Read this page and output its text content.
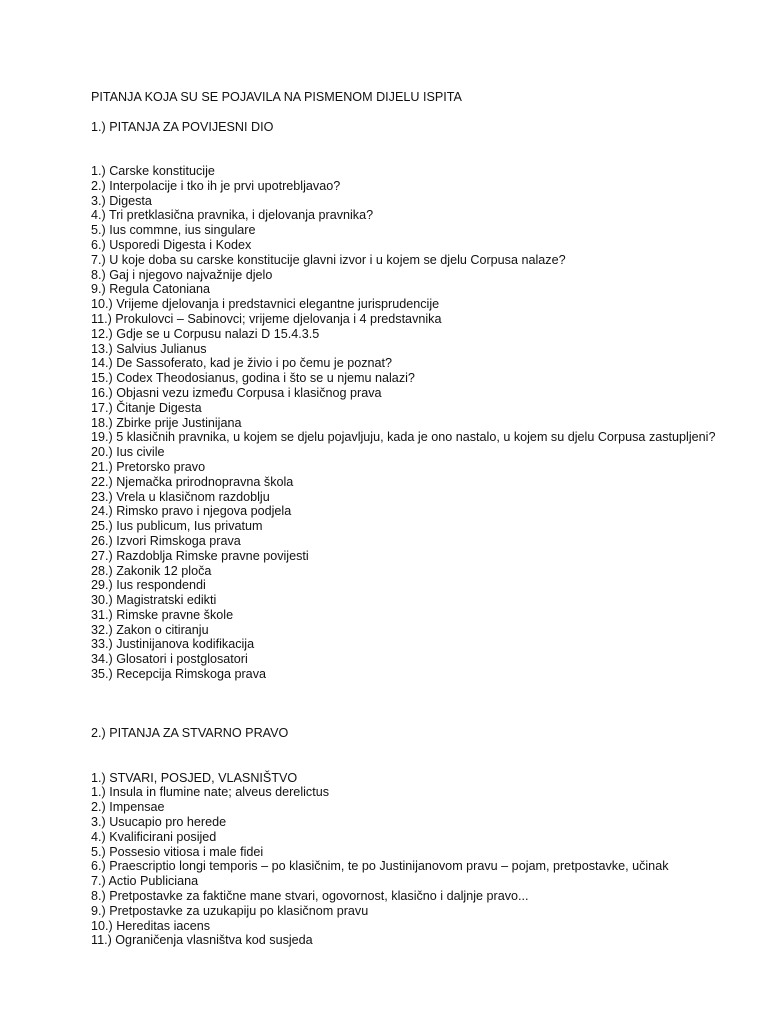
PITANJA KOJA SU SE POJAVILA NA PISMENOM DIJELU ISPITA
1.) PITANJA ZA POVIJESNI DIO
1.) Carske konstitucije
2.) Interpolacije i tko ih je prvi upotrebljavao?
3.) Digesta
4.) Tri pretklasična pravnika, i djelovanja pravnika?
5.) Ius commne, ius singulare
6.) Usporedi Digesta i Kodex
7.) U koje doba su carske konstitucije glavni izvor i u kojem se djelu Corpusa nalaze?
8.) Gaj i njegovo najvažnije djelo
9.) Regula Catoniana
10.) Vrijeme djelovanja i predstavnici elegantne jurisprudencije
11.) Prokulovci – Sabinovci; vrijeme djelovanja i 4 predstavnika
12.) Gdje se u Corpusu nalazi D 15.4.3.5
13.) Salvius Julianus
14.) De Sassoferato, kad je živio i po čemu je poznat?
15.) Codex Theodosianus, godina i što se u njemu nalazi?
16.) Objasni vezu između Corpusa i klasičnog prava
17.) Čitanje Digesta
18.) Zbirke prije Justinijana
19.) 5 klasičnih pravnika, u kojem se djelu pojavljuju, kada je ono nastalo, u kojem su djelu Corpusa zastupljeni?
20.) Ius civile
21.) Pretorsko pravo
22.) Njemačka prirodnopravna škola
23.) Vrela u klasičnom razdoblju
24.) Rimsko pravo i njegova podjela
25.) Ius publicum, Ius privatum
26.) Izvori Rimskoga prava
27.) Razdoblja Rimske pravne povijesti
28.) Zakonik 12 ploča
29.) Ius respondendi
30.) Magistratski edikti
31.) Rimske pravne škole
32.) Zakon o citiranju
33.) Justinijanova kodifikacija
34.) Glosatori i postglosatori
35.) Recepcija Rimskoga prava
2.) PITANJA ZA STVARNO PRAVO
1.) STVARI, POSJED, VLASNIŠTVO
1.) Insula in flumine nate; alveus derelictus
2.) Impensae
3.) Usucapio pro herede
4.) Kvalificirani posijed
5.) Possesio vitiosa i male fidei
6.) Praescriptio longi temporis – po klasičnim, te po Justinijanovom pravu – pojam, pretpostavke, učinak
7.) Actio Publiciana
8.) Pretpostavke za faktične mane stvari, ogovornost, klasično i daljnje pravo...
9.) Pretpostavke za uzukapiju po klasičnom pravu
10.) Hereditas iacens
11.) Ograničenja vlasništva kod susjeda
